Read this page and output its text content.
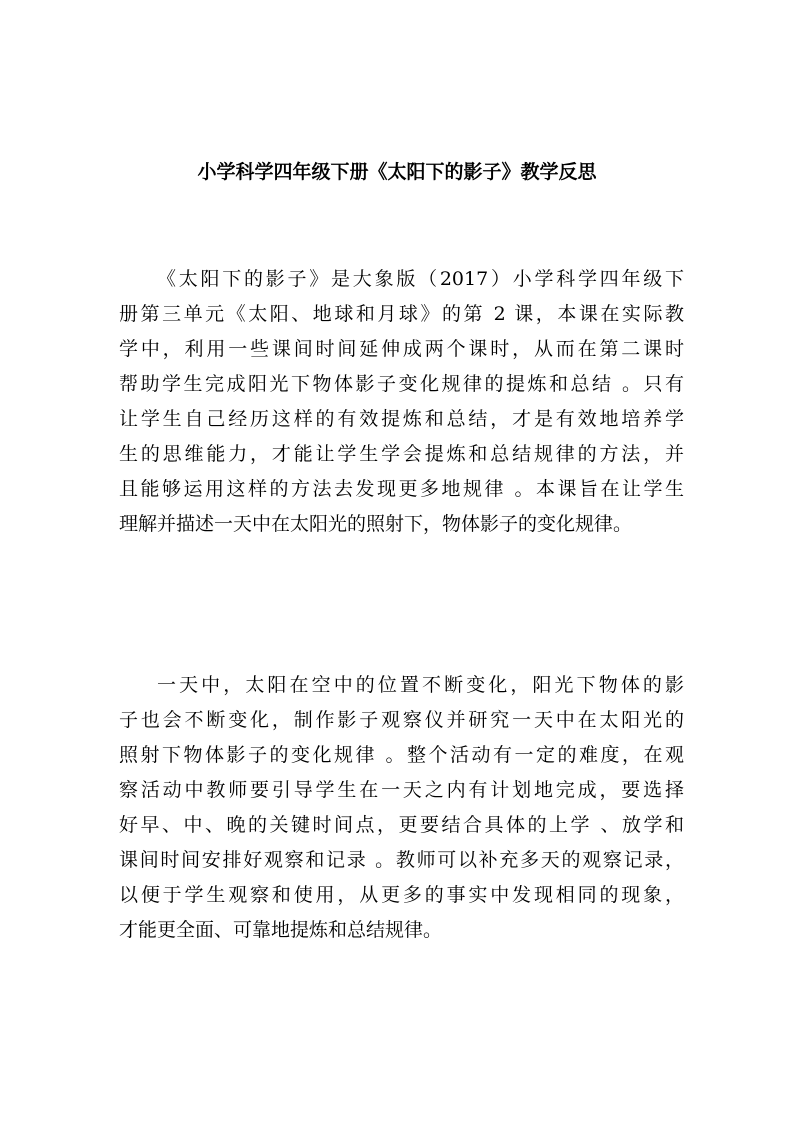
小学科学四年级下册《太阳下的影子》教学反思
《太阳下的影子》是大象版（2017）小学科学四年级下
册第三单元《太阳、地球和月球》的第 2 课，本课在实际教
学中，利用一些课间时间延伸成两个课时，从而在第二课时
帮助学生完成阳光下物体影子变化规律的提炼和总结 。只有
让学生自己经历这样的有效提炼和总结，才是有效地培养学
生的思维能力，才能让学生学会提炼和总结规律的方法，并
且能够运用这样的方法去发现更多地规律 。本课旨在让学生
理解并描述一天中在太阳光的照射下，物体影子的变化规律。
一天中，太阳在空中的位置不断变化，阳光下物体的影
子也会不断变化，制作影子观察仪并研究一天中在太阳光的
照射下物体影子的变化规律 。整个活动有一定的难度，在观
察活动中教师要引导学生在一天之内有计划地完成，要选择
好早、中、晚的关键时间点，更要结合具体的上学 、放学和
课间时间安排好观察和记录 。教师可以补充多天的观察记录，
以便于学生观察和使用，从更多的事实中发现相同的现象，
才能更全面、可靠地提炼和总结规律。
